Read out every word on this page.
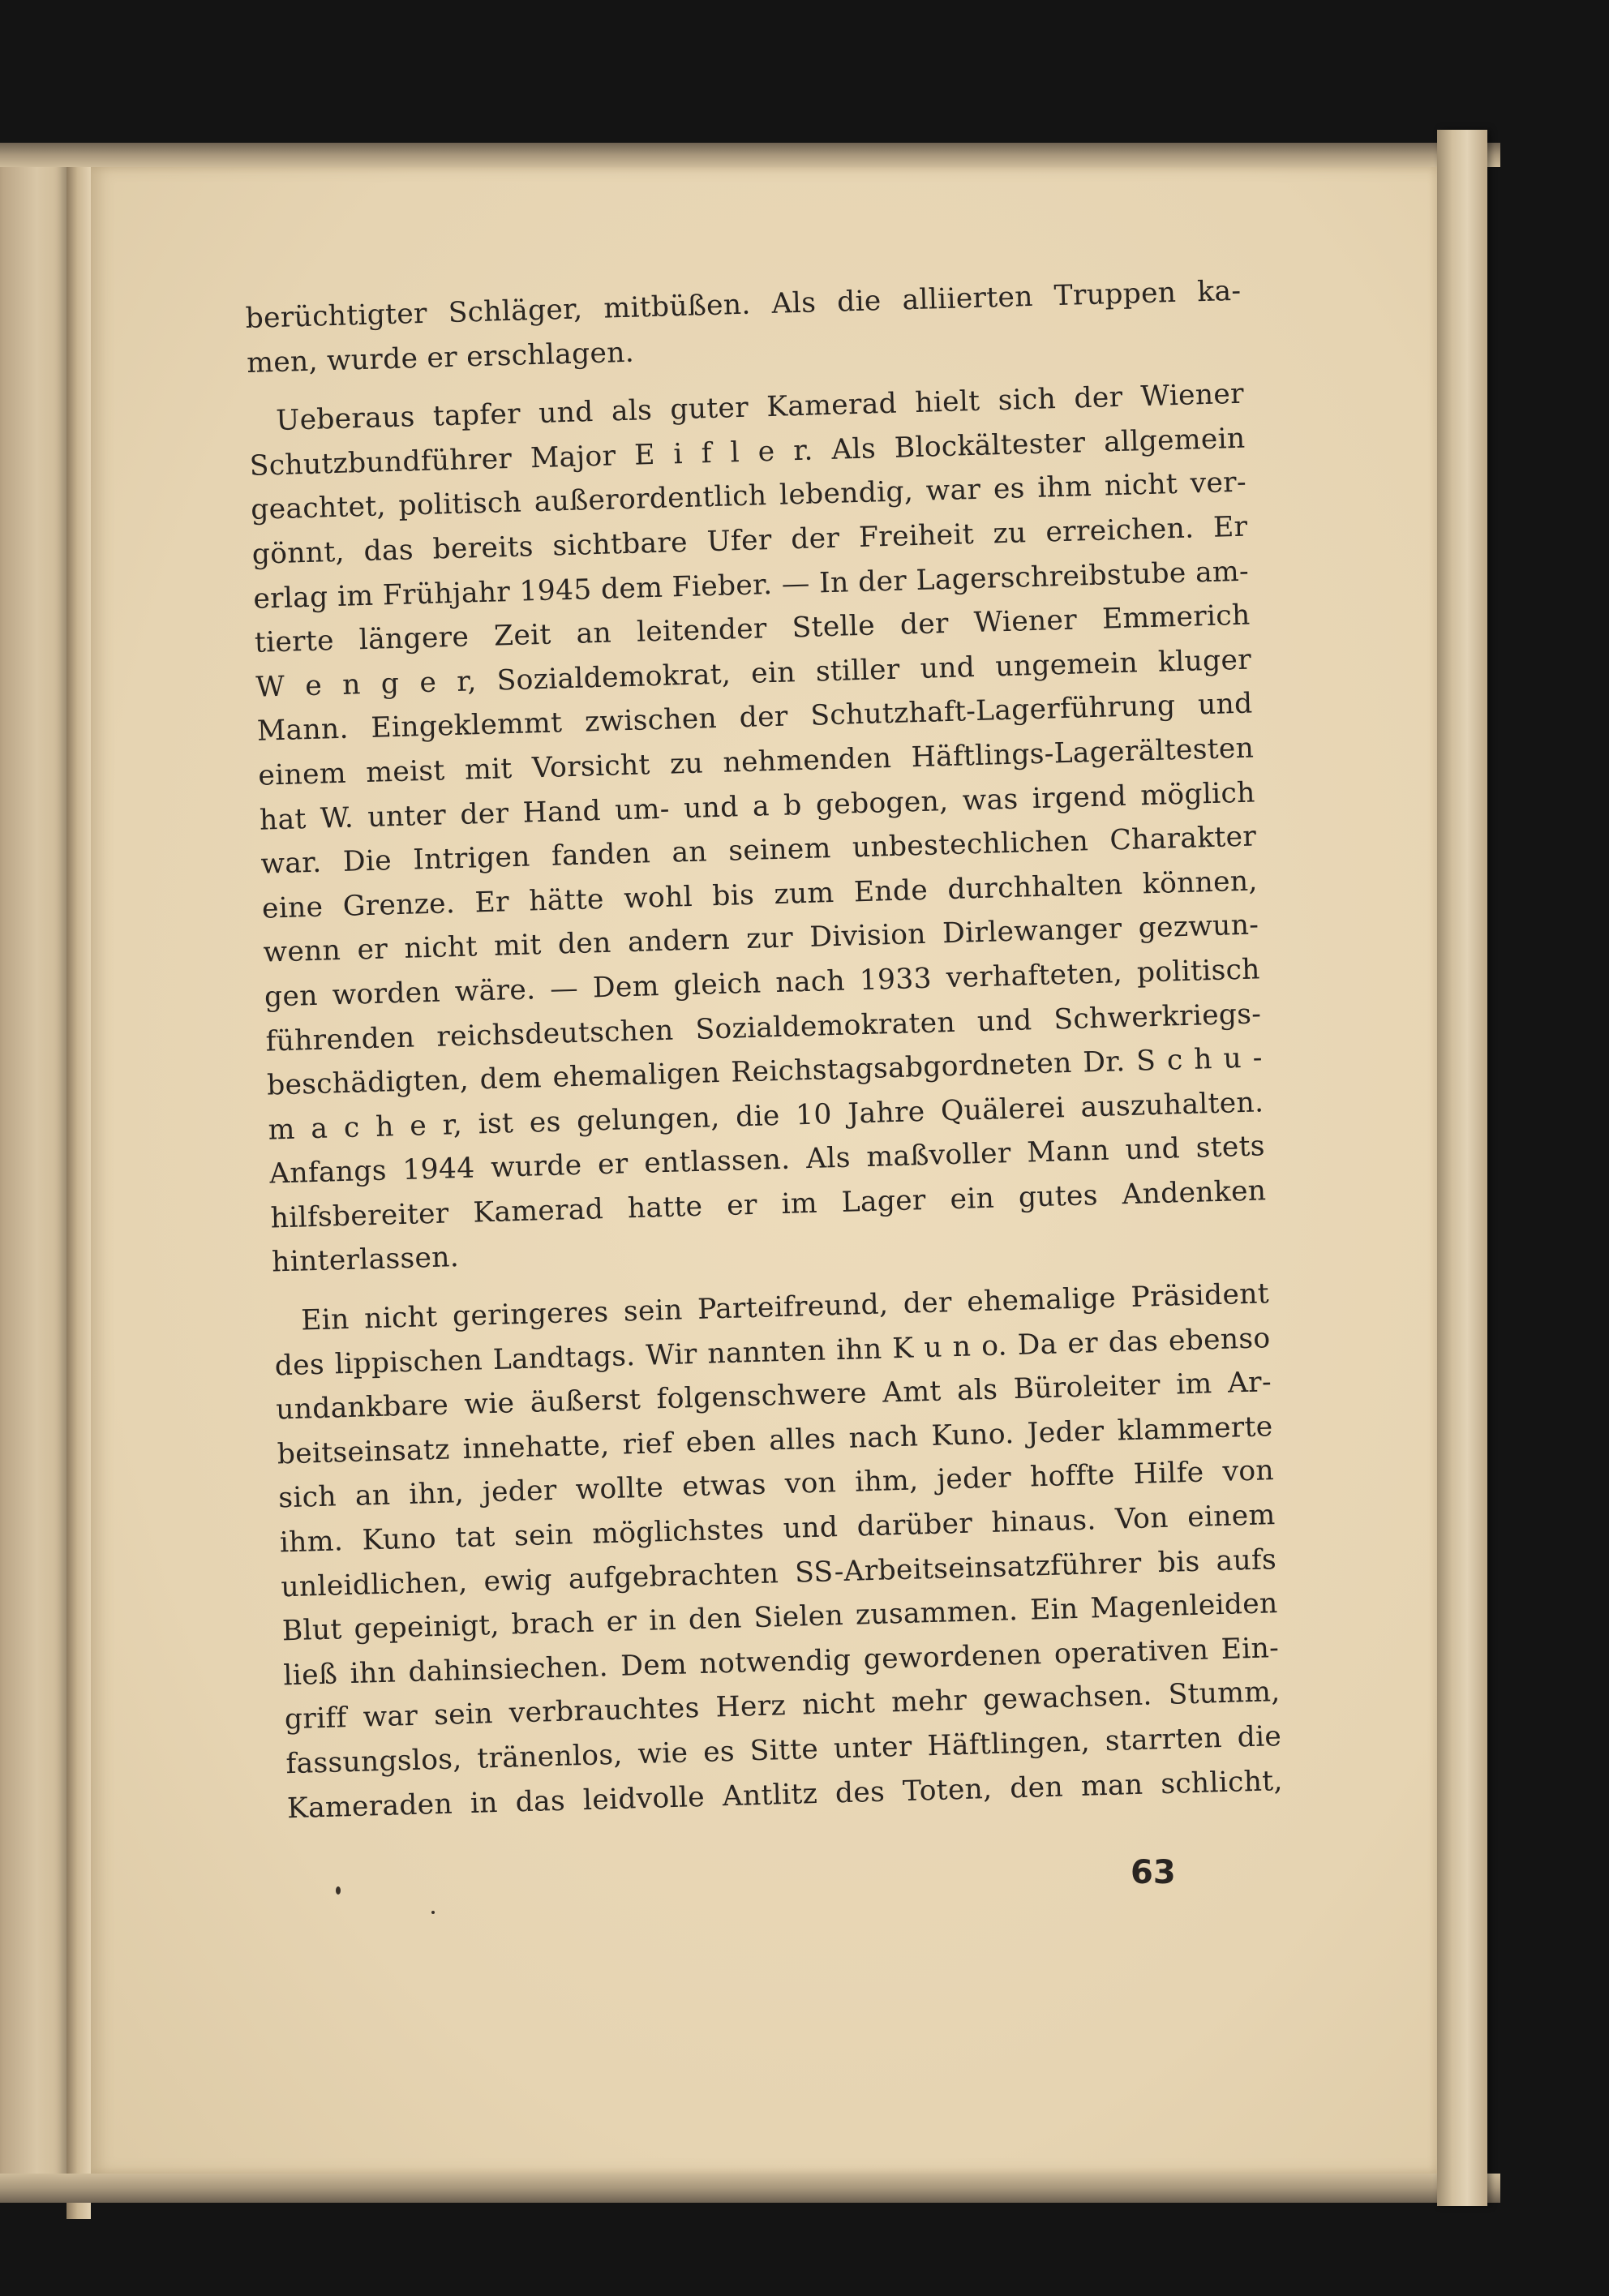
berüchtigter Schläger, mitbüßen. Als die alliierten Truppen ka-
men, wurde er erschlagen.
Ueberaus tapfer und als guter Kamerad hielt sich der Wiener
Schutzbundführer Major E i f l e r. Als Blockältester allgemein
geachtet, politisch außerordentlich lebendig, war es ihm nicht ver-
gönnt, das bereits sichtbare Ufer der Freiheit zu erreichen. Er
erlag im Frühjahr 1945 dem Fieber. — In der Lagerschreibstube am-
tierte längere Zeit an leitender Stelle der Wiener Emmerich
W e n g e r, Sozialdemokrat, ein stiller und ungemein kluger
Mann. Eingeklemmt zwischen der Schutzhaft-Lagerführung und
einem meist mit Vorsicht zu nehmenden Häftlings-Lagerältesten
hat W. unter der Hand um- und a b gebogen, was irgend möglich
war. Die Intrigen fanden an seinem unbestechlichen Charakter
eine Grenze. Er hätte wohl bis zum Ende durchhalten können,
wenn er nicht mit den andern zur Division Dirlewanger gezwun-
gen worden wäre. — Dem gleich nach 1933 verhafteten, politisch
führenden reichsdeutschen Sozialdemokraten und Schwerkriegs-
beschädigten, dem ehemaligen Reichstagsabgordneten Dr. S c h u -
m a c h e r, ist es gelungen, die 10 Jahre Quälerei auszuhalten.
Anfangs 1944 wurde er entlassen. Als maßvoller Mann und stets
hilfsbereiter Kamerad hatte er im Lager ein gutes Andenken
hinterlassen.
Ein nicht geringeres sein Parteifreund, der ehemalige Präsident
des lippischen Landtags. Wir nannten ihn K u n o. Da er das ebenso
undankbare wie äußerst folgenschwere Amt als Büroleiter im Ar-
beitseinsatz innehatte, rief eben alles nach Kuno. Jeder klammerte
sich an ihn, jeder wollte etwas von ihm, jeder hoffte Hilfe von
ihm. Kuno tat sein möglichstes und darüber hinaus. Von einem
unleidlichen, ewig aufgebrachten SS-Arbeitseinsatzführer bis aufs
Blut gepeinigt, brach er in den Sielen zusammen. Ein Magenleiden
ließ ihn dahinsiechen. Dem notwendig gewordenen operativen Ein-
griff war sein verbrauchtes Herz nicht mehr gewachsen. Stumm,
fassungslos, tränenlos, wie es Sitte unter Häftlingen, starrten die
Kameraden in das leidvolle Antlitz des Toten, den man schlicht,
63
